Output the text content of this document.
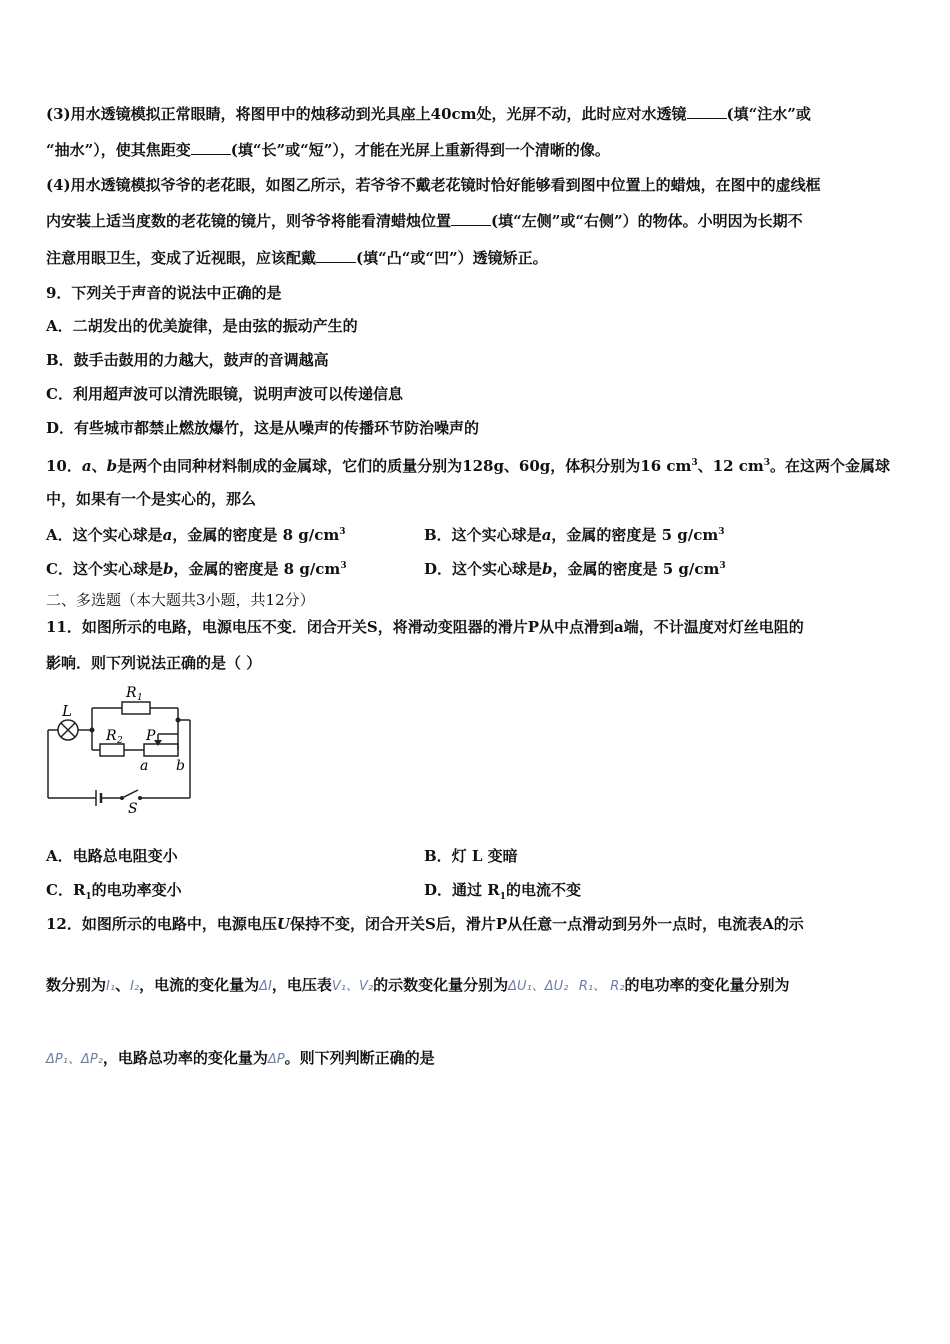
(3)用水透镜模拟正常眼睛，将图甲中的烛移动到光具座上40cm处，光屏不动，此时应对水透镜	(填“注水”或
“抽水”），使其焦距变	(填“长”或“短”），才能在光屏上重新得到一个清晰的像。
(4)用水透镜模拟爷爷的老花眼，如图乙所示，若爷爷不戴老花镜时恰好能够看到图中位置上的蜡烛，在图中的虚线框
内安装上适当度数的老花镜的镜片，则爷爷将能看清蜡烛位置	(填“左侧”或“右侧”）的物体。小明因为长期不
注意用眼卫生，变成了近视眼，应该配戴	(填“凸“或“凹”）透镜矫正。
9．下列关于声音的说法中正确的是
A．二胡发出的优美旋律，是由弦的振动产生的
B．鼓手击鼓用的力越大，鼓声的音调越高
C．利用超声波可以清洗眼镜，说明声波可以传递信息
D．有些城市都禁止燃放爆竹，这是从噪声的传播环节防治噪声的
10．a、b是两个由同种材料制成的金属球，它们的质量分别为128g、60g，体积分别为16 $cm^3$、12 $cm^3$。在这两个金属球
中，如果有一个是实心的，那么
A．这个实心球是a，金属的密度是 8 $g/cm^3$	B．这个实心球是a，金属的密度是 5 $g/cm^3$
C．这个实心球是b，金属的密度是 8 $g/cm^3$	D．这个实心球是b，金属的密度是 5 $g/cm^3$
二、多选题（本大题共3小题，共12分）
11．如图所示的电路，电源电压不变．闭合开关S，将滑动变阻器的滑片P从中点滑到a端，不计温度对灯丝电阻的
影响．则下列说法正确的是（ ）
L
R 1
R 2 P
a b
S
A．电路总电阻变小	B．灯 L 变暗
C．$R_1$的电功率变小	D．通过 $R_1$的电流不变
12．如图所示的电路中，电源电压U保持不变，闭合开关S后，滑片P从任意一点滑动到另外一点时，电流表A的示
数分别为I₁、I₂，电流的变化量为ΔI，电压表V₁、V₂的示数变化量分别为ΔU₁、ΔU₂ R₁、 R₂的电功率的变化量分别为
ΔP₁、ΔP₂，电路总功率的变化量为ΔP。则下列判断正确的是
